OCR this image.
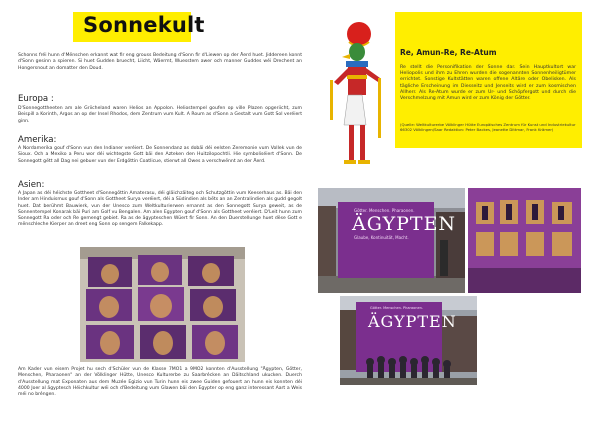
Sonnekult

Schonns fréi hunn d'Mënschen erkannt wat fir eng grouss Bedeitung d'Sonn fir d'Liewen op der Äerd huet. Jiddereen konnt d'Sonn gesinn a spieren. Si huet Gudden bruecht, Liicht, Wäermt, Wuesstem awer och manner Guddes wéi Drechent an Hongersnout an domatter den Doud.

Europa :

D'Sonnegottheeten am ale Griicheland waren Helios an Appolon. Heliostempel goufen op ville Plazen opgeriicht, zum Beispill a Korinth, Argos an op der Insel Rhodos, dem Zentrum vum Kult. A Roum as d'Sonn a Gestalt vum Gott Sol veréiert ginn.

Amerika:

A Nordamerika gouf d'Sonn vun den Indianer veréiert. De Sonnendanz as dobäi déi eelsten Zeremonie vum Vollek vun de Sioux. Och a Mexiko a Peru wor déi wichtegste Gott bäi den Azteken den Huitzilopochtli. Hie symboliséiert d'Sonn. De Sonnegott gëtt all Dag nei gebuer vun der Erdgöttin Coatlicue, stierwt all Owes a verschwënnt an der Äerd.

Asien:

A Japan as déi héichste Gottheet d'Sonnegöttin Amaterasu, déi gläichzäiteg och Schutzgöttin vum Keeserhaus as. Bäi den Inder am Hinduismus gouf d'Sonn als Gottheet Surya veréiert, déi a Südindien als bëts an an Zentralindien als gudd gegolt huet. Dat berühmt Bauwierk, vun der Unesco zum Weltkulturierwen ernannt as den Sonnegott Surya geweit, as de Sonnentempel Konarak bäi Puri am Golf vu Bengalen. Am alen Egypten gouf d'Sonn als Gottheet veréiert. D'Leit hunn zum Sonnegott Ra oder och Re gemengt gebiet. Ra as de ägypteschen Wüert fir Sonn. An den Duerstellunge huet dëse Gott e mënschleche Kierper an dreet eng Sonn op sengem Falkekapp.

Am Kader vun eisem Projet hu sech d'Schüler vun de Klasse 7MO1 a 9MO2 konnten d'Ausstellung "Ägypten, Götter, Menschen, Pharaonen" an der Völklinger Hütte, Unesco Kulturerbe zu Saarbrécken an Däitschland ukucken. Duerch d'Ausstellung mat Exponaten aus dem Muzée Egizio vun Turin hunn eis zwee Guiden gefouert an hunn eis konnten déi 4000 Joer al ägyptesch Héichkultur wéi och d'Bedeitung vum Glawen bäi den Egypter op eng ganz interessant Aart a Weis méi no bréngen.

Re, Amun-Re, Re-Atum

Re stellt die Personifikation der Sonne dar. Sein Hauptkultort war Heliopolis und ihm zu Ehren wurden die sogenannten Sonnenheiligtümer errichtet. Sonstige Kultstätten waren offene Altäre oder Obelisken. Als tägliche Erscheinung im Diesseitz und Jenseits wird er zum kosmischen Allherr. Als Re-Atum wurde er zum Ur- und Schöpfergott und durch die Verschmelzung mit Amun wird er zum König der Götter.

(Quelle: Weltkulturerbe Völklinger Hütte Europäisches Zentrum für Kunst und Industriekultur 66302 Völklingen/Saar Redaktion: Peter Backes, Jeanette Dittmar, Frank Krämer)

Götter. Menschen. Pharaonen.
ÄGYPTEN
Glaube, Kontinuität, Macht.
ÄGYPTEN
Götter. Menschen. Pharaonen.
